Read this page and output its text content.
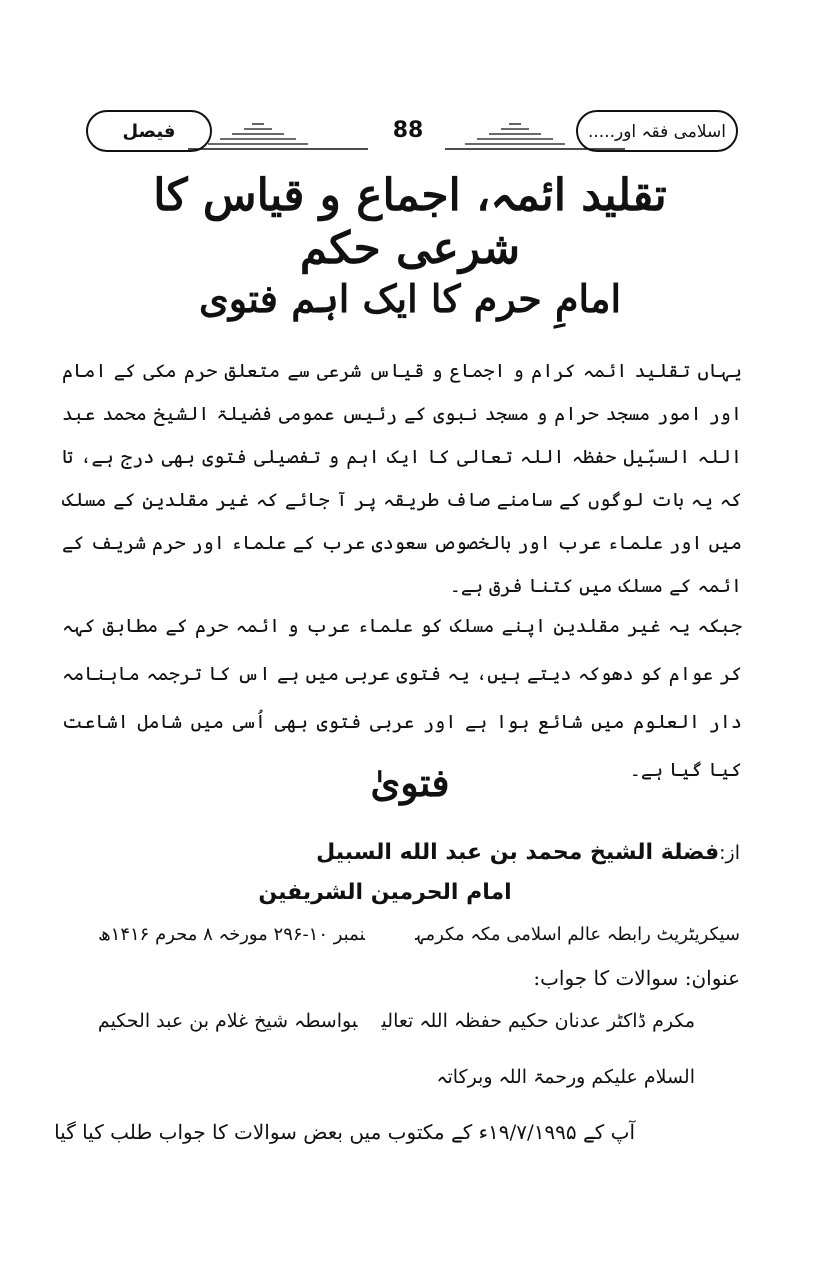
فیصل	88	اسلامی فقہ اور.....
تقلید ائمہ، اجماع و قیاس کا شرعی حکم
امامِ حرم کا ایک اہم فتوی
یہاں تقلید ائمہ کرام و اجماع و قیاس شرعی سے متعلق حرم مکی کے امام اور امور مسجد حرام و مسجد نبوی کے رئیس عمومی فضیلۃ الشیخ محمد عبد اللہ السبّیل حفظہ اللہ تعالی کا ایک اہم و تفصیلی فتوی بھی درج ہے، تا کہ یہ بات لوگوں کے سامنے صاف طریقہ پر آ جائے کہ غیر مقلدین کے مسلک میں اور علماء عرب اور بالخصوص سعودی عرب کے علماء اور حرم شریف کے ائمہ کے مسلک میں کتنا فرق ہے۔
جبکہ یہ غیر مقلدین اپنے مسلک کو علماء عرب و ائمہ حرم کے مطابق کہہ کر عوام کو دھوکہ دیتے ہیں، یہ فتوی عربی میں ہے اس کا ترجمہ ماہنامہ دار العلوم میں شائع ہوا ہے اور عربی فتوی بھی اُسی میں شامل اشاعت کیا گیا ہے۔
فتویٰ
از:فضلة الشيخ محمد بن عبد الله السبيل
امام الحرمين الشريفين
سیکریٹریٹ رابطہ عالم اسلامی مکہ مکرمہنمبر ۱۰-۲۹۶ مورخہ ۸ محرم ۱۴۱۶ھ
عنوان: سوالات کا جواب:
مکرم ڈاکٹر عدنان حکیم حفظہ اللہ تعالیبواسطہ شیخ غلام بن عبد الحکیم
السلام علیکم ورحمۃ اللہ وبرکاتہ
آپ کے ۱۹/۷/۱۹۹۵ء کے مکتوب میں بعض سوالات کا جواب طلب کیا گیا
